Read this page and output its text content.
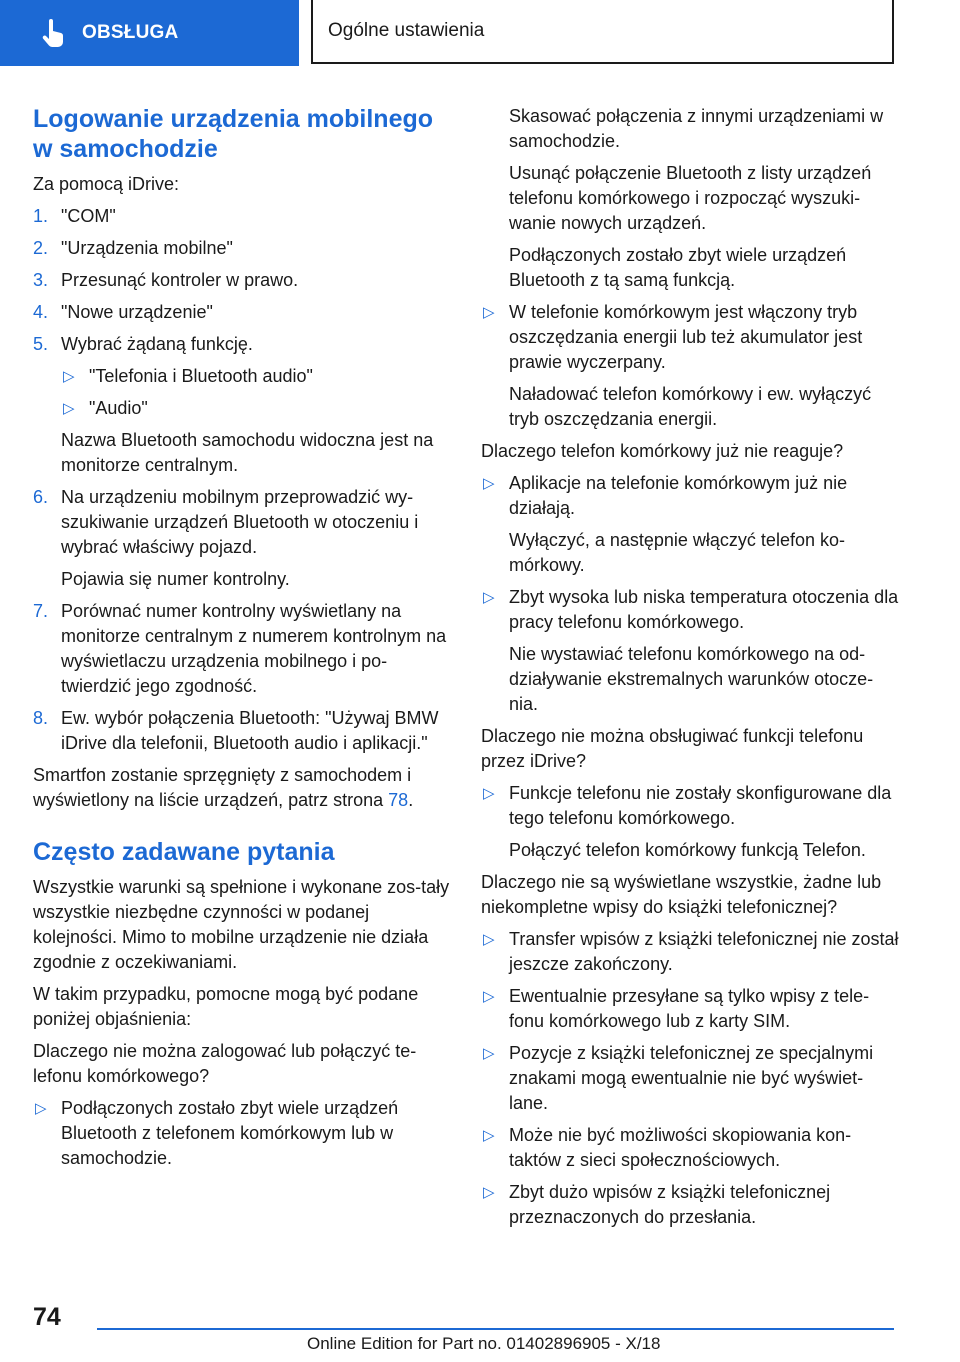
OBSŁUGA	Ogólne ustawienia
Logowanie urządzenia mobilnego w samochodzie

Za pomocą iDrive:

1. "COM"
2. "Urządzenia mobilne"
3. Przesunąć kontroler w prawo.
4. "Nowe urządzenie"
5. Wybrać żądaną funkcję.
▷ "Telefonia i Bluetooth audio"
▷ "Audio"

Nazwa Bluetooth samochodu widoczna jest na monitorze centralnym.

6. Na urządzeniu mobilnym przeprowadzić wy-szukiwanie urządzeń Bluetooth w otoczeniu i wybrać właściwy pojazd.

Pojawia się numer kontrolny.

7. Porównać numer kontrolny wyświetlany na monitorze centralnym z numerem kontrolnym na wyświetlaczu urządzenia mobilnego i po-twierdzić jego zgodność.
8. Ew. wybór połączenia Bluetooth: "Używaj BMW iDrive dla telefonii, Bluetooth audio i aplikacji."

Smartfon zostanie sprzęgnięty z samochodem i wyświetlony na liście urządzeń, patrz strona 78.

Często zadawane pytania

Wszystkie warunki są spełnione i wykonane zos-tały wszystkie niezbędne czynności w podanej kolejności. Mimo to mobilne urządzenie nie działa zgodnie z oczekiwaniami.

W takim przypadku, pomocne mogą być podane poniżej objaśnienia:

Dlaczego nie można zalogować lub połączyć te-lefonu komórkowego?

▷ Podłączonych zostało zbyt wiele urządzeń Bluetooth z telefonem komórkowym lub w samochodzie.

Skasować połączenia z innymi urządzeniami w samochodzie.

Usunąć połączenie Bluetooth z listy urządzeń telefonu komórkowego i rozpocząć wyszuki-wanie nowych urządzeń.

Podłączonych zostało zbyt wiele urządzeń Bluetooth z tą samą funkcją.

▷ W telefonie komórkowym jest włączony tryb oszczędzania energii lub też akumulator jest prawie wyczerpany.

Naładować telefon komórkowy i ew. wyłączyć tryb oszczędzania energii.

Dlaczego telefon komórkowy już nie reaguje?

▷ Aplikacje na telefonie komórkowym już nie działają.

Wyłączyć, a następnie włączyć telefon ko-mórkowy.

▷ Zbyt wysoka lub niska temperatura otoczenia dla pracy telefonu komórkowego.

Nie wystawiać telefonu komórkowego na od-działywanie ekstremalnych warunków otocze-nia.

Dlaczego nie można obsługiwać funkcji telefonu przez iDrive?

▷ Funkcje telefonu nie zostały skonfigurowane dla tego telefonu komórkowego.

Połączyć telefon komórkowy funkcją Telefon.

Dlaczego nie są wyświetlane wszystkie, żadne lub niekompletne wpisy do książki telefonicznej?

▷ Transfer wpisów z książki telefonicznej nie został jeszcze zakończony.
▷ Ewentualnie przesyłane są tylko wpisy z tele-fonu komórkowego lub z karty SIM.
▷ Pozycje z książki telefonicznej ze specjalnymi znakami mogą ewentualnie nie być wyświet-lane.
▷ Może nie być możliwości skopiowania kon-taktów z sieci społecznościowych.
▷ Zbyt dużo wpisów z książki telefonicznej przeznaczonych do przesłania.
74
Online Edition for Part no. 01402896905 - X/18
